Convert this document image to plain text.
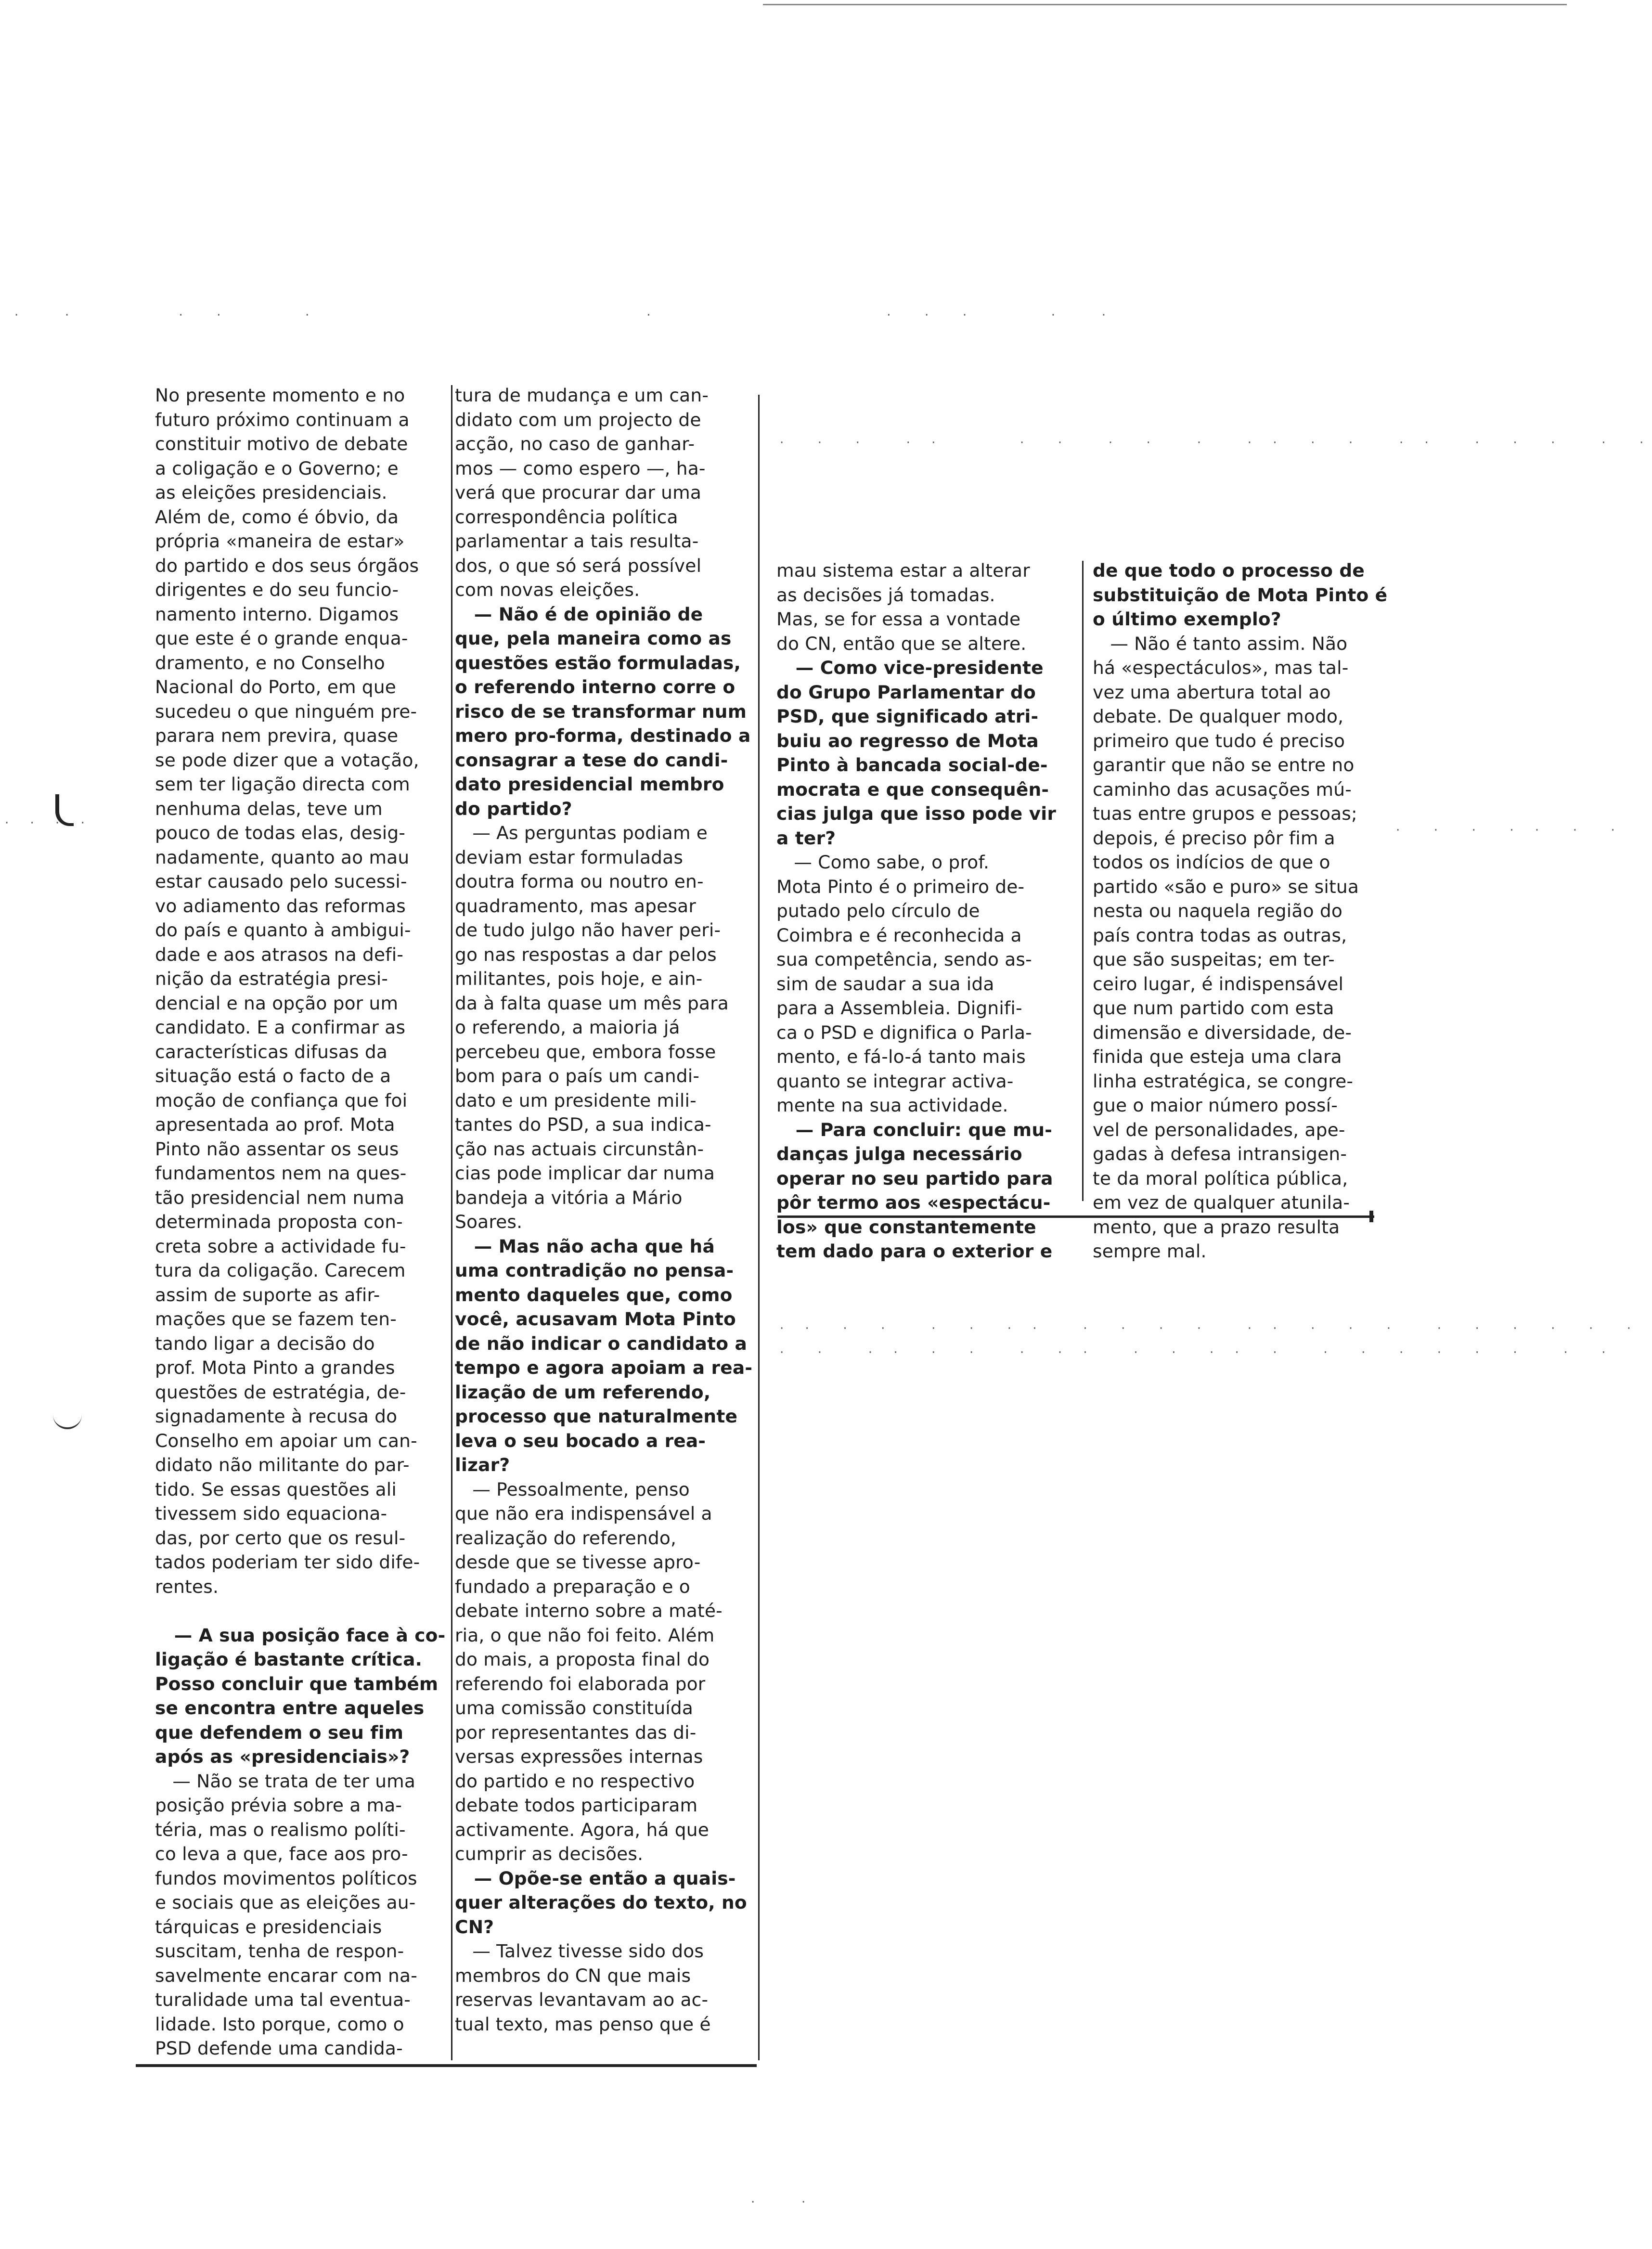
·   ·        ·  ·      ·                          ·                  ·  ·  ·      ·   ·
·  ·  ·   · ·      ·  ·   ·  ·   ·   · ·  ·  ·   · ·   ·  ·  ·   ·  ·
· · · ·	·  ·  ·  · ·  ·  ·
· ·  ·  ·   ·  ·  · ·   ·  ·  ·  ·   · ·  ·  ·  ·   ·  ·  ·  ·  ·  ·
·  ·   · ·  ·  ·   ·  · ·   ·  ·  · ·  ·   ·  ·  ·  ·  ·  ·   ·  ·
·   ·

No presente momento e no

futuro próximo continuam a

constituir motivo de debate

a coligação e o Governo; e

as eleições presidenciais.

Além de, como é óbvio, da

própria «maneira de estar»

do partido e dos seus órgãos

dirigentes e do seu funcio-

namento interno. Digamos

que este é o grande enqua-

dramento, e no Conselho

Nacional do Porto, em que

sucedeu o que ninguém pre-

parara nem previra, quase

se pode dizer que a votação,

sem ter ligação directa com

nenhuma delas, teve um

pouco de todas elas, desig-

nadamente, quanto ao mau

estar causado pelo sucessi-

vo adiamento das reformas

do país e quanto à ambigui-

dade e aos atrasos na defi-

nição da estratégia presi-

dencial e na opção por um

candidato. E a confirmar as

características difusas da

situação está o facto de a

moção de confiança que foi

apresentada ao prof. Mota

Pinto não assentar os seus

fundamentos nem na ques-

tão presidencial nem numa

determinada proposta con-

creta sobre a actividade fu-

tura da coligação. Carecem

assim de suporte as afir-

mações que se fazem ten-

tando ligar a decisão do

prof. Mota Pinto a grandes

questões de estratégia, de-

signadamente à recusa do

Conselho em apoiar um can-

didato não militante do par-

tido. Se essas questões ali

tivessem sido equaciona-

das, por certo que os resul-

tados poderiam ter sido dife-

rentes.

— A sua posição face à co-

ligação é bastante crítica.

Posso concluir que também

se encontra entre aqueles

que defendem o seu fim

após as «presidenciais»?

— Não se trata de ter uma

posição prévia sobre a ma-

téria, mas o realismo políti-

co leva a que, face aos pro-

fundos movimentos políticos

e sociais que as eleições au-

tárquicas e presidenciais

suscitam, tenha de respon-

savelmente encarar com na-

turalidade uma tal eventua-

lidade. Isto porque, como o

PSD defende uma candida-

tura de mudança e um can-

didato com um projecto de

acção, no caso de ganhar-

mos — como espero —, ha-

verá que procurar dar uma

correspondência política

parlamentar a tais resulta-

dos, o que só será possível

com novas eleições.

— Não é de opinião de

que, pela maneira como as

questões estão formuladas,

o referendo interno corre o

risco de se transformar num

mero pro-forma, destinado a

consagrar a tese do candi-

dato presidencial membro

do partido?

— As perguntas podiam e

deviam estar formuladas

doutra forma ou noutro en-

quadramento, mas apesar

de tudo julgo não haver peri-

go nas respostas a dar pelos

militantes, pois hoje, e ain-

da à falta quase um mês para

o referendo, a maioria já

percebeu que, embora fosse

bom para o país um candi-

dato e um presidente mili-

tantes do PSD, a sua indica-

ção nas actuais circunstân-

cias pode implicar dar numa

bandeja a vitória a Mário

Soares.

— Mas não acha que há

uma contradição no pensa-

mento daqueles que, como

você, acusavam Mota Pinto

de não indicar o candidato a

tempo e agora apoiam a rea-

lização de um referendo,

processo que naturalmente

leva o seu bocado a rea-

lizar?

— Pessoalmente, penso

que não era indispensável a

realização do referendo,

desde que se tivesse apro-

fundado a preparação e o

debate interno sobre a maté-

ria, o que não foi feito. Além

do mais, a proposta final do

referendo foi elaborada por

uma comissão constituída

por representantes das di-

versas expressões internas

do partido e no respectivo

debate todos participaram

activamente. Agora, há que

cumprir as decisões.

— Opõe-se então a quais-

quer alterações do texto, no

CN?

— Talvez tivesse sido dos

membros do CN que mais

reservas levantavam ao ac-

tual texto, mas penso que é

mau sistema estar a alterar

as decisões já tomadas.

Mas, se for essa a vontade

do CN, então que se altere.

— Como vice-presidente

do Grupo Parlamentar do

PSD, que significado atri-

buiu ao regresso de Mota

Pinto à bancada social-de-

mocrata e que consequên-

cias julga que isso pode vir

a ter?

— Como sabe, o prof.

Mota Pinto é o primeiro de-

putado pelo círculo de

Coimbra e é reconhecida a

sua competência, sendo as-

sim de saudar a sua ida

para a Assembleia. Dignifi-

ca o PSD e dignifica o Parla-

mento, e fá-lo-á tanto mais

quanto se integrar activa-

mente na sua actividade.

— Para concluir: que mu-

danças julga necessário

operar no seu partido para

pôr termo aos «espectácu-

los» que constantemente

tem dado para o exterior e

de que todo o processo de

substituição de Mota Pinto é

o último exemplo?

— Não é tanto assim. Não

há «espectáculos», mas tal-

vez uma abertura total ao

debate. De qualquer modo,

primeiro que tudo é preciso

garantir que não se entre no

caminho das acusações mú-

tuas entre grupos e pessoas;

depois, é preciso pôr fim a

todos os indícios de que o

partido «são e puro» se situa

nesta ou naquela região do

país contra todas as outras,

que são suspeitas; em ter-

ceiro lugar, é indispensável

que num partido com esta

dimensão e diversidade, de-

finida que esteja uma clara

linha estratégica, se congre-

gue o maior número possí-

vel de personalidades, ape-

gadas à defesa intransigen-

te da moral política pública,

em vez de qualquer atunila-

mento, que a prazo resulta

sempre mal.
